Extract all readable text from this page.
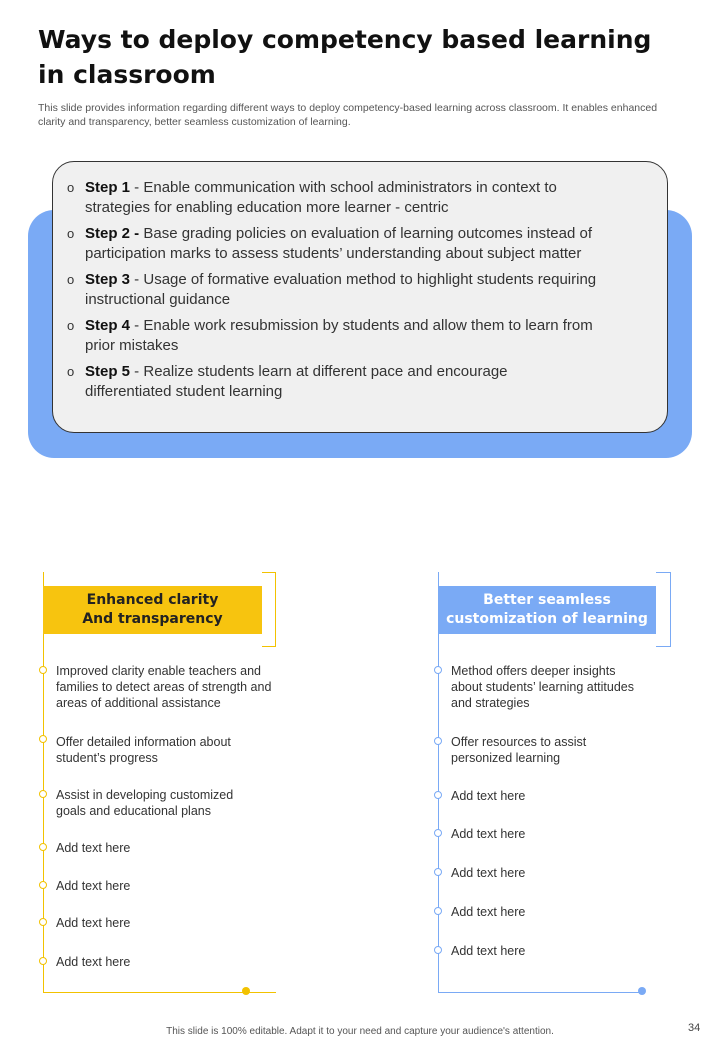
Ways to deploy competency based learning in classroom
This slide provides information regarding different ways to deploy competency-based learning across classroom. It enables enhanced clarity and transparency, better seamless customization of learning.
o Step 1 - Enable communication with school administrators in context to strategies for enabling education more learner - centric
o Step 2 - Base grading policies on evaluation of learning outcomes instead of participation marks to assess students’ understanding about subject matter
o Step 3 - Usage of formative evaluation method to highlight students requiring instructional guidance
o Step 4 - Enable work resubmission by students and allow them to learn from prior mistakes
o Step 5 - Realize students learn at different pace and encourage differentiated student learning
Enhanced clarity
And transparency
Improved clarity enable teachers and families to detect areas of strength and areas of additional assistance
Offer detailed information about student’s progress
Assist in developing customized goals and educational plans
Add text here
Add text here
Add text here
Add text here
Better seamless
customization of learning
Method offers deeper insights about students’ learning attitudes and strategies
Offer resources to assist personized learning
Add text here
Add text here
Add text here
Add text here
Add text here
This slide is 100% editable. Adapt it to your need and capture your audience's attention.	34
